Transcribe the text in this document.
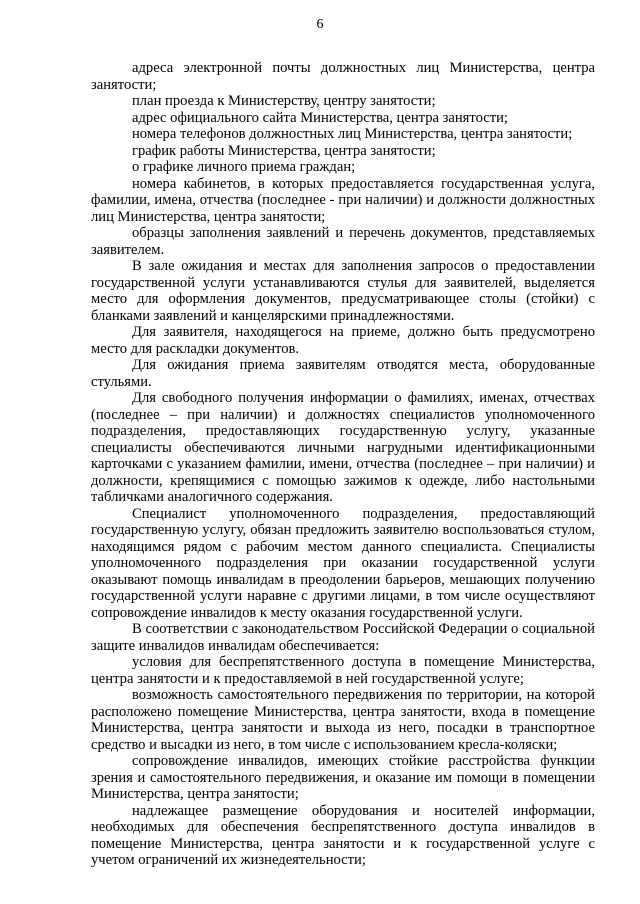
6

адреса электронной почты должностных лиц Министерства, центра занятости;

план проезда к Министерству, центру занятости;

адрес официального сайта Министерства, центра занятости;

номера телефонов должностных лиц Министерства, центра занятости;

график работы Министерства, центра занятости;

о графике личного приема граждан;

номера кабинетов, в которых предоставляется государственная услуга, фамилии, имена, отчества (последнее - при наличии) и должности должностных лиц Министерства, центра занятости;

образцы заполнения заявлений и перечень документов, представляемых заявителем.

В зале ожидания и местах для заполнения запросов о предоставлении государственной услуги устанавливаются стулья для заявителей, выделяется место для оформления документов, предусматривающее столы (стойки) с бланками заявлений и канцелярскими принадлежностями.

Для заявителя, находящегося на приеме, должно быть предусмотрено место для раскладки документов.

Для ожидания приема заявителям отводятся места, оборудованные стульями.

Для свободного получения информации о фамилиях, именах, отчествах (последнее – при наличии) и должностях специалистов уполномоченного подразделения, предоставляющих государственную услугу, указанные специалисты обеспечиваются личными нагрудными идентификационными карточками с указанием фамилии, имени, отчества (последнее – при наличии) и должности, крепящимися с помощью зажимов к одежде, либо настольными табличками аналогичного содержания.

Специалист уполномоченного подразделения, предоставляющий государственную услугу, обязан предложить заявителю воспользоваться стулом, находящимся рядом с рабочим местом данного специалиста. Специалисты уполномоченного подразделения при оказании государственной услуги оказывают помощь инвалидам в преодолении барьеров, мешающих получению государственной услуги наравне с другими лицами, в том числе осуществляют сопровождение инвалидов к месту оказания государственной услуги.

В соответствии с законодательством Российской Федерации о социальной защите инвалидов инвалидам обеспечивается:

условия для беспрепятственного доступа в помещение Министерства, центра занятости и к предоставляемой в ней государственной услуге;

возможность самостоятельного передвижения по территории, на которой расположено помещение Министерства, центра занятости, входа в помещение Министерства, центра занятости и выхода из него, посадки в транспортное средство и высадки из него, в том числе с использованием кресла-коляски;

сопровождение инвалидов, имеющих стойкие расстройства функции зрения и самостоятельного передвижения, и оказание им помощи в помещении Министерства, центра занятости;

надлежащее размещение оборудования и носителей информации, необходимых для обеспечения беспрепятственного доступа инвалидов в помещение Министерства, центра занятости и к государственной услуге с учетом ограничений их жизнедеятельности;
